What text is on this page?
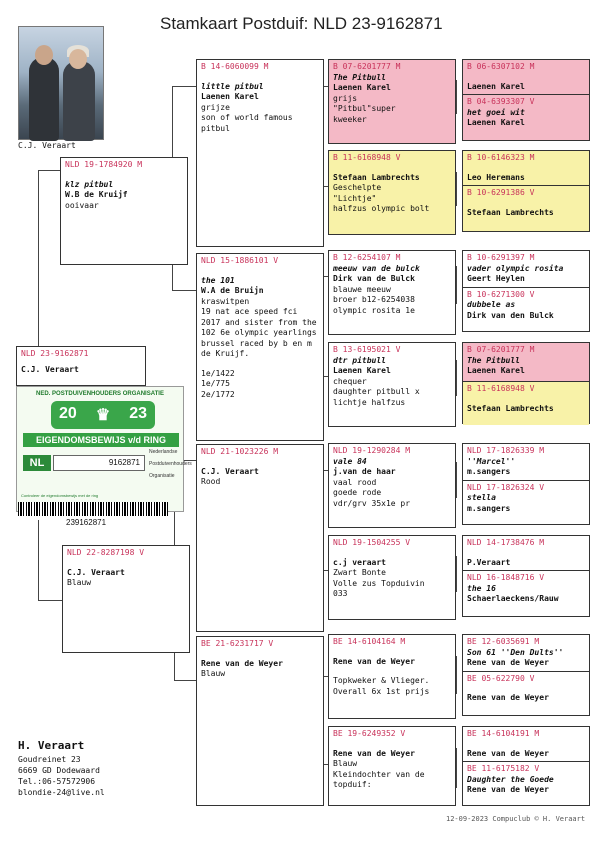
Stamkaart Postduif: NLD 23-9162871
C.J. Veraart
NLD 23-9162871
C.J. Veraart
NED. POSTDUIVENHOUDERS ORGANISATIE
20 ♛ 23
EIGENDOMSBEWIJS v/d RING
NL	9162871
Nederlandse
Postduivenhouders
Organisatie
Controleer de eigendomsbewijs met de ring
239162871
NLD 19-1784920 M
klz pitbul
W.B de Kruijf
ooivaar
NLD 22-8287198 V
C.J. Veraart
Blauw
B 14-6060099 M
little pitbul
Laenen Karel
grijze
son of world famous pitbul
NLD 15-1886101 V
the 101
W.A de Bruijn
kraswitpen
19 nat ace speed fci 2017 and sister from the 102 6e olympic yearlings brussel raced by b en m de Kruijf.
1e/1422
1e/775
2e/1772
NLD 21-1023226 M
C.J. Veraart
Rood
BE 21-6231717 V
Rene van de Weyer
Blauw
B 07-6201777 M
The Pitbull
Laenen Karel
grijs
"Pitbul"super
kweeker
B 11-6168948 V
Stefaan Lambrechts
Geschelpte
"Lichtje"
halfzus olympic bolt
B 12-6254107 M
meeuw van de bulck
Dirk van de Bulck
blauwe meeuw
broer b12-6254038
olympic rosita 1e
B 13-6195021 V
dtr pitbull
Laenen Karel
chequer
daughter pitbull x
lichtje halfzus
NLD 19-1290284 M
vale 84
j.van de haar
vaal rood
goede rode
vdr/grv 35x1e pr
NLD 19-1504255 V
c.j veraart
Zwart Bonte
Volle zus Topduivin
033
BE 14-6104164 M
Rene van de Weyer
Topkweker & Vlieger.
Overall 6x 1st prijs
BE 19-6249352 V
Rene van de Weyer
Blauw
Kleindochter van de
topduif:
B 06-6307102 M
Laenen Karel
B 04-6393307 V
het goei wit
Laenen Karel
B 10-6146323 M
Leo Heremans
B 10-6291386 V
Stefaan Lambrechts
B 10-6291397 M
vader olympic rosita
Geert Heylen
B 10-6271300 V
dubbele as
Dirk van den Bulck
B 07-6201777 M
The Pitbull
Laenen Karel
B 11-6168948 V
Stefaan Lambrechts
NLD 17-1826339 M
''Marcel''
m.sangers
NLD 17-1826324 V
stella
m.sangers
NLD 14-1738476 M
P.Veraart
NLD 16-1848716 V
the 16
Schaerlaeckens/Rauw
BE 12-6035691 M
Son 61 ''Den Dults''
Rene van de Weyer
BE 05-622790 V
Rene van de Weyer
BE 14-6104191 M
Rene van de Weyer
BE 11-6175182 V
Daughter the Goede
Rene van de Weyer
H. Veraart
Goudreinet 23
6669 GD Dodewaard
Tel.:06-57572906
blondie-24@live.nl
12-09-2023 Compuclub © H. Veraart
